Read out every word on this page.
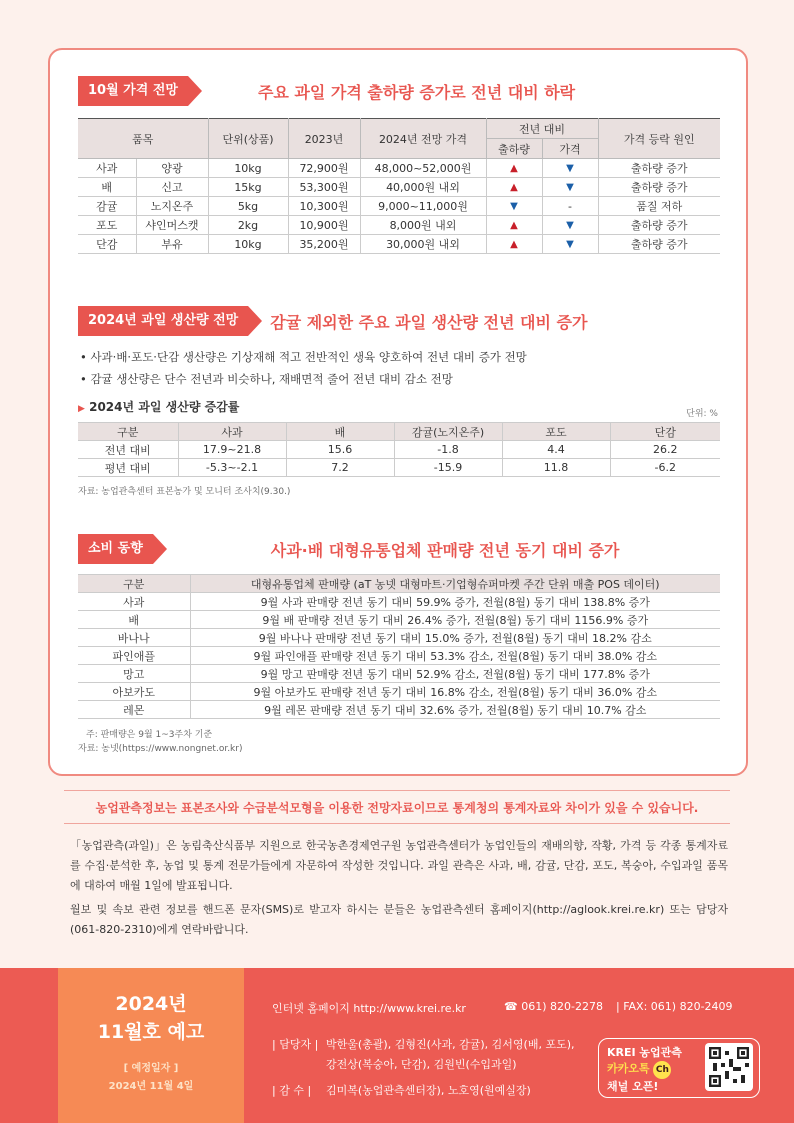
10월 가격 전망	주요 과일 가격 출하량 증가로 전년 대비 하락
품목		단위(상품)	2023년	2024년 전망 가격	전년 대비		가격 등락 원인
					출하량	가격	
사과	양광	10kg	72,900원	48,000~52,000원	▲	▼	출하량 증가
배	신고	15kg	53,300원	40,000원 내외	▲	▼	출하량 증가
감귤	노지온주	5kg	10,300원	9,000~11,000원	▼	-	품질 저하
포도	샤인머스캣	2kg	10,900원	8,000원 내외	▲	▼	출하량 증가
단감	부유	10kg	35,200원	30,000원 내외	▲	▼	출하량 증가
2024년 과일 생산량 전망	감귤 제외한 주요 과일 생산량 전년 대비 증가
• 사과·배·포도·단감 생산량은 기상재해 적고 전반적인 생육 양호하여 전년 대비 증가 전망
• 감귤 생산량은 단수 전년과 비슷하나, 재배면적 줄어 전년 대비 감소 전망
▶ 2024년 과일 생산량 증감률	단위: %
구분	사과	배	감귤(노지온주)	포도	단감
전년 대비	17.9~21.8	15.6	-1.8	4.4	26.2
평년 대비	-5.3~-2.1	7.2	-15.9	11.8	-6.2
자료: 농업관측센터 표본농가 및 모니터 조사치(9.30.)
소비 동향	사과·배 대형유통업체 판매량 전년 동기 대비 증가
구분	대형유통업체 판매량 (aT 농넷 대형마트·기업형슈퍼마켓 주간 단위 매출 POS 데이터)
사과	9월 사과 판매량 전년 동기 대비 59.9% 증가, 전월(8월) 동기 대비 138.8% 증가
배	9월 배 판매량 전년 동기 대비 26.4% 증가, 전월(8월) 동기 대비 1156.9% 증가
바나나	9월 바나나 판매량 전년 동기 대비 15.0% 증가, 전월(8월) 동기 대비 18.2% 감소
파인애플	9월 파인애플 판매량 전년 동기 대비 53.3% 감소, 전월(8월) 동기 대비 38.0% 감소
망고	9월 망고 판매량 전년 동기 대비 52.9% 감소, 전월(8월) 동기 대비 177.8% 증가
아보카도	9월 아보카도 판매량 전년 동기 대비 16.8% 감소, 전월(8월) 동기 대비 36.0% 감소
레몬	9월 레몬 판매량 전년 동기 대비 32.6% 증가, 전월(8월) 동기 대비 10.7% 감소
주: 판매량은 9월 1~3주차 기준
자료: 농넷(https://www.nongnet.or.kr)
농업관측정보는 표본조사와 수급분석모형을 이용한 전망자료이므로 통계청의 통계자료와 차이가 있을 수 있습니다.
「농업관측(과일)」은 농림축산식품부 지원으로 한국농촌경제연구원 농업관측센터가 농업인들의 재배의향, 작황, 가격 등 각종 통계자료를 수집·분석한 후, 농업 및 통계 전문가들에게 자문하여 작성한 것입니다. 과일 관측은 사과, 배, 감귤, 단감, 포도, 복숭아, 수입과일 품목에 대하여 매월 1일에 발표됩니다.
월보 및 속보 관련 정보를 핸드폰 문자(SMS)로 받고자 하시는 분들은 농업관측센터 홈페이지(http://aglook.krei.re.kr) 또는 담당자(061-820-2310)에게 연락바랍니다.
2024년
11월호 예고
[ 예정일자 ]
2024년 11월 4일
인터넷 홈페이지 http://www.krei.re.kr	☎ 061) 820-2278 | FAX: 061) 820-2409
| 담당자 | 박한울(총괄), 김형진(사과, 감귤), 김서영(배, 포도),
강전상(복숭아, 단감), 김원빈(수입과일)
| 감 수 | 김미복(농업관측센터장), 노호영(원예실장)
KREI 농업관측
카카오톡 Ch
채널 오픈!
